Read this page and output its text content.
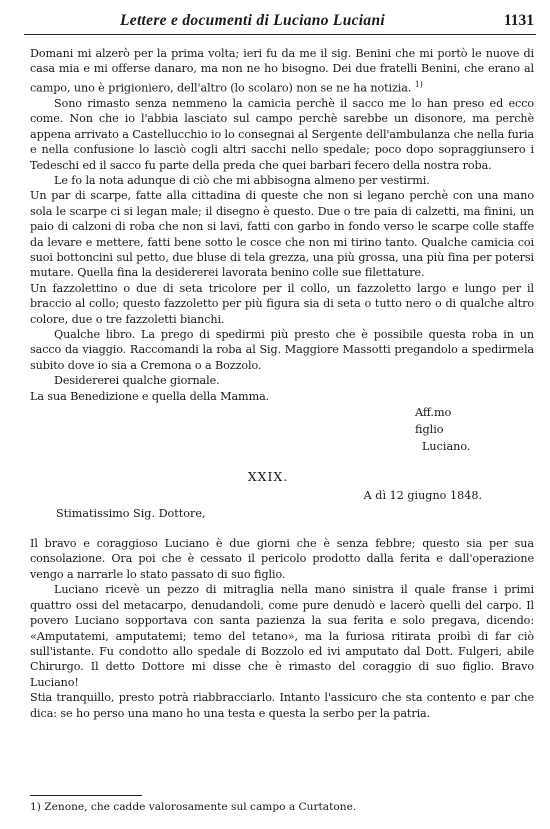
Lettere e documenti di Luciano Luciani	1131

Domani mi alzerò per la prima volta; ieri fu da me il sig. Benini che mi portò le nuove di casa mia e mi offerse danaro, ma non ne ho bisogno. Dei due fratelli Benini, che erano al campo, uno è prigioniero, dell'altro (lo scolaro) non se ne ha notizia. $^{1)}$

Sono rimasto senza nemmeno la camicia perchè il sacco me lo han preso ed ecco come. Non che io l'abbia lasciato sul campo perchè sarebbe un disonore, ma perchè appena arrivato a Castellucchio io lo consegnai al Sergente dell'ambulanza che nella furia e nella confusione lo lasciò cogli altri sacchi nello spedale; poco dopo sopraggiunsero i Tedeschi ed il sacco fu parte della preda che quei barbari fecero della nostra roba.

Le fo la nota adunque di ciò che mi abbisogna almeno per vestirmi.

Un par di scarpe, fatte alla cittadina di queste che non si legano perchè con una mano sola le scarpe ci si legan male; il disegno è questo. Due o tre paia di calzetti, ma finini, un paio di calzoni di roba che non si lavi, fatti con garbo in fondo verso le scarpe colle staffe da levare e mettere, fatti bene sotto le cosce che non mi tirino tanto. Qualche camicia coi suoi bottoncini sul petto, due bluse di tela grezza, una più grossa, una più fina per potersi mutare. Quella fina la desidererei lavorata benino colle sue filettature.

Un fazzolettino o due di seta tricolore per il collo, un fazzoletto largo e lungo per il braccio al collo; questo fazzoletto per più figura sia di seta o tutto nero o di qualche altro colore, due o tre fazzoletti bianchi.

Qualche libro. La prego di spedirmi più presto che è possibile questa roba in un sacco da viaggio. Raccomandi la roba al Sig. Maggiore Massotti pregandolo a spedirmela subito dove io sia a Cremona o a Bozzolo.

Desidererei qualche giornale.

La sua Benedizione e quella della Mamma.

Aff.mo figlio
Luciano.
XXIX.
A dì 12 giugno 1848.
Stimatissimo Sig. Dottore,

Il bravo e coraggioso Luciano è due giorni che è senza febbre; questo sia per sua consolazione. Ora poi che è cessato il pericolo prodotto dalla ferita e dall'operazione vengo a narrarle lo stato passato di suo figlio.

Luciano ricevè un pezzo di mitraglia nella mano sinistra il quale franse i primi quattro ossi del metacarpo, denudandoli, come pure denudò e lacerò quelli del carpo. Il povero Luciano sopportava con santa pazienza la sua ferita e solo pregava, dicendo: «Amputatemi, amputatemi; temo del tetano», ma la furiosa ritirata proibì di far ciò sull'istante. Fu condotto allo spedale di Bozzolo ed ivi amputato dal Dott. Fulgeri, abile Chirurgo. Il detto Dottore mi disse che è rimasto del coraggio di suo figlio. Bravo Luciano!

Stia tranquillo, presto potrà riabbracciarlo. Intanto l'assicuro che sta contento e par che dica: se ho perso una mano ho una testa e questa la serbo per la patria.

1) Zenone, che cadde valorosamente sul campo a Curtatone.
